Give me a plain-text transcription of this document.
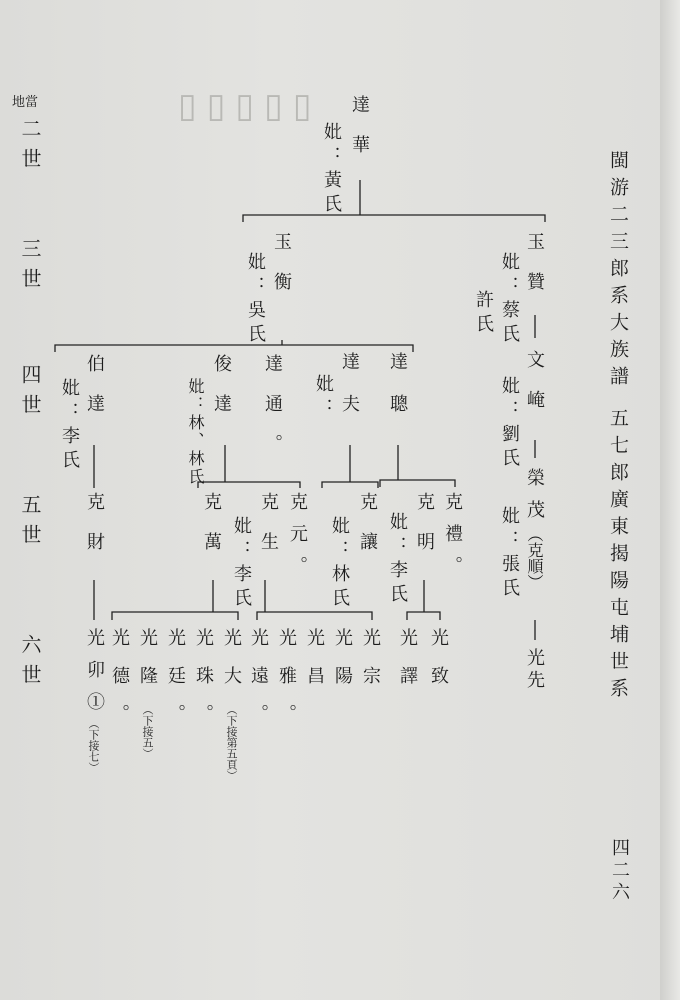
▯▯▯▯▯
閩游二三郎系大族譜
五七郎廣東揭陽屯埔世系
四二六
地當
二世
三世
四世
五世
六世
達華
妣：黃氏
玉贊
妣：蔡氏
許氏
玉衡
妣：吳氏
文崦
妣：劉氏
達聰
達夫
妣：
達通。
俊達
妣：林、林氏
伯達
妣：李氏
榮茂
（克順）
妣：張氏
克禮。
克明
妣：李氏
克讓
妣：林氏
克元。
克生
妣：李氏
克萬
克財
光先
光致
光譯
光宗
光陽
光昌
光雅。
光遠。
光大
（下接第五頁）
光珠。
光廷。
光隆
（下接五）
光德。
光卯①
（下接七）
